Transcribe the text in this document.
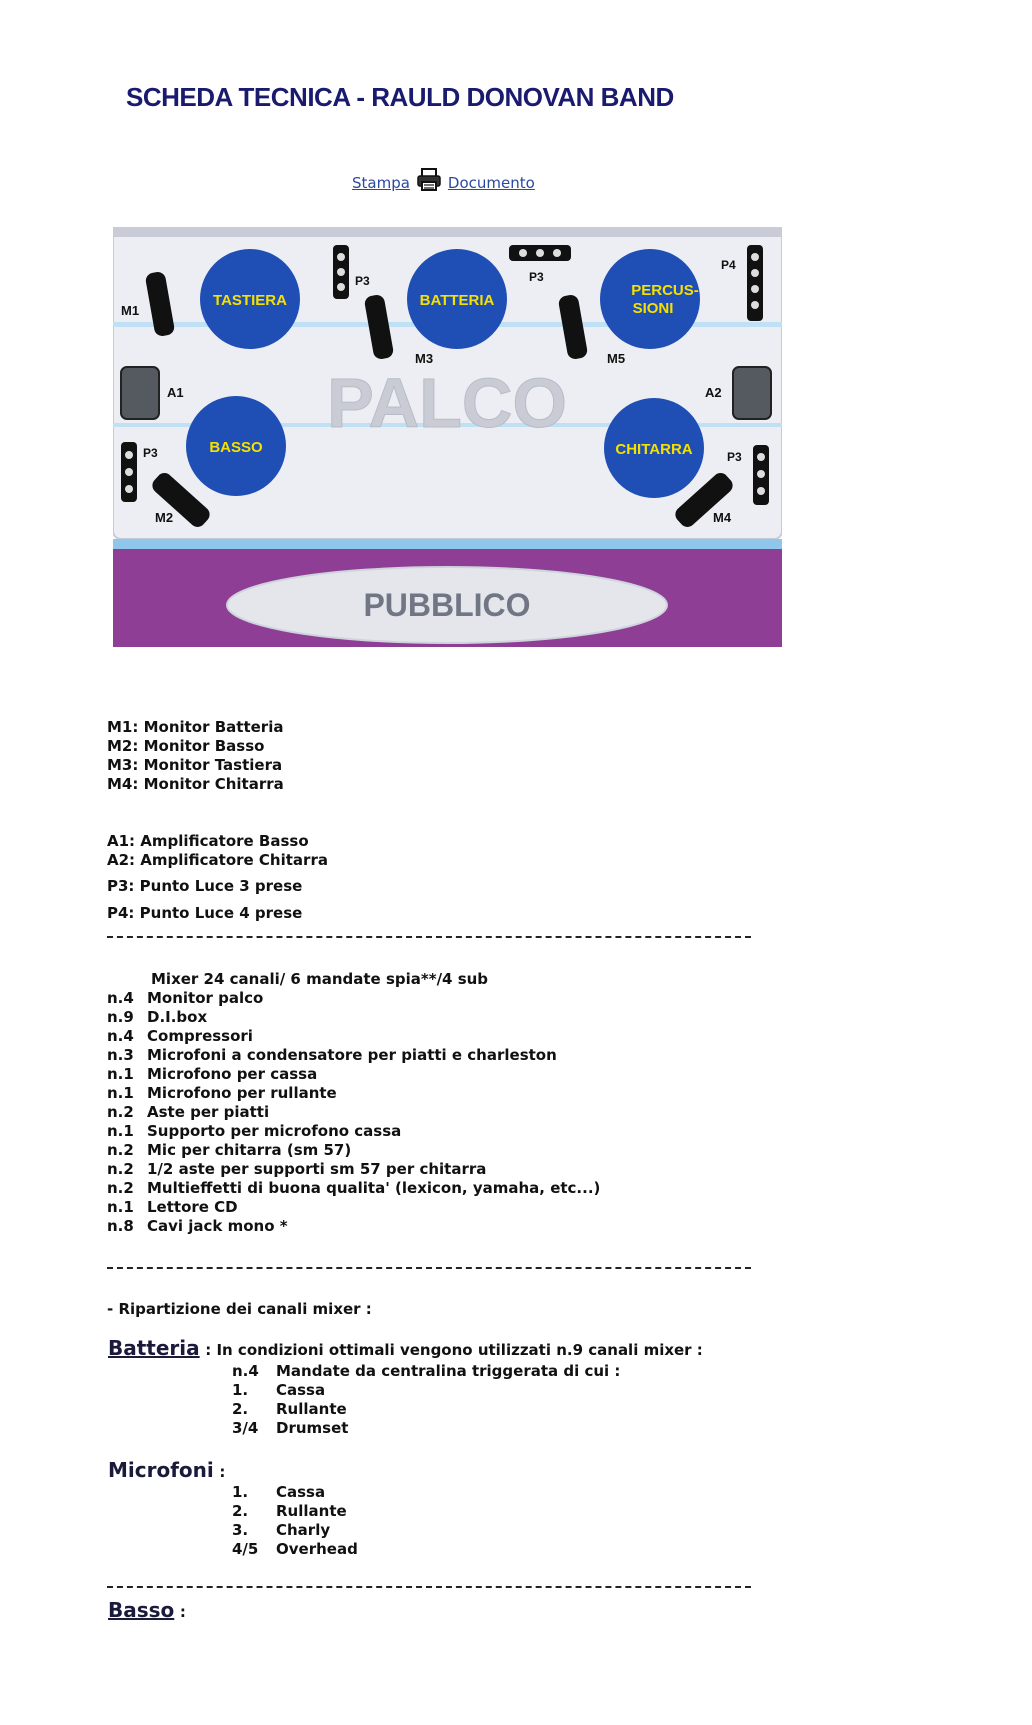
SCHEDA TECNICA - RAULD DONOVAN BAND
Stampa	Documento
PUBBLICO
PALCO
TASTIERA	BATTERIA
PERCUS-
SIONI
BASSO	CHITARRA
M1
M3	M5
M2	M4
A1	A2
P3	P3
P4
P3	P3
M1: Monitor Batteria
M2: Monitor Basso
M3: Monitor Tastiera
M4: Monitor Chitarra
A1: Amplificatore Basso
A2: Amplificatore Chitarra
P3: Punto Luce 3 prese
P4: Punto Luce 4 prese
Mixer 24 canali/ 6 mandate spia**/4 sub
n.4 Monitor palco
n.9 D.I.box
n.4 Compressori
n.3 Microfoni a condensatore per piatti e charleston
n.1 Microfono per cassa
n.1 Microfono per rullante
n.2 Aste per piatti
n.1 Supporto per microfono cassa
n.2 Mic per chitarra (sm 57)
n.2 1/2 aste per supporti sm 57 per chitarra
n.2 Multieffetti di buona qualita' (lexicon, yamaha, etc...)
n.1 Lettore CD
n.8 Cavi jack mono *
- Ripartizione dei canali mixer :
Batteria : In condizioni ottimali vengono utilizzati n.9 canali mixer :
n.4	Mandate da centralina triggerata di cui :
1.	Cassa
2.	Rullante
3/4	Drumset
Microfoni :
1.	Cassa
2.	Rullante
3.	Charly
4/5	Overhead
Basso :
